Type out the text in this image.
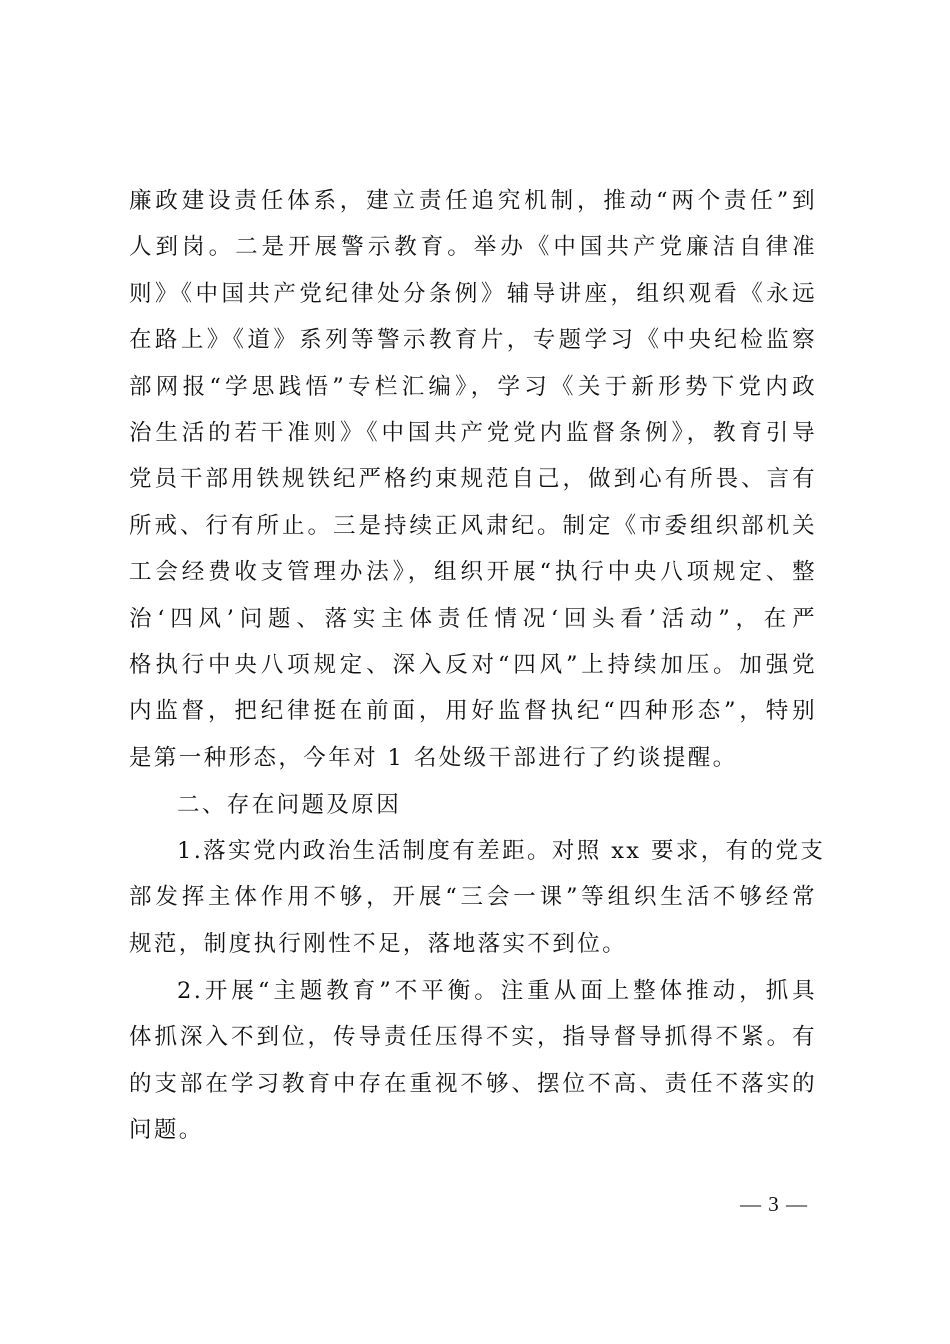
廉政建设责任体系，建立责任追究机制，推动“两个责任”到
人到岗。二是开展警示教育。举办《中国共产党廉洁自律准
则》《中国共产党纪律处分条例》辅导讲座，组织观看《永远
在路上》《道》系列等警示教育片，专题学习《中央纪检监察
部网报“学思践悟”专栏汇编》，学习《关于新形势下党内政
治生活的若干准则》《中国共产党党内监督条例》，教育引导
党员干部用铁规铁纪严格约束规范自己，做到心有所畏、言有
所戒、行有所止。三是持续正风肃纪。制定《市委组织部机关
工会经费收支管理办法》，组织开展“执行中央八项规定、整
治‘四风’问题、落实主体责任情况‘回头看’活动”，在严
格执行中央八项规定、深入反对“四风”上持续加压。加强党
内监督，把纪律挺在前面，用好监督执纪“四种形态”，特别
是第一种形态，今年对 1 名处级干部进行了约谈提醒。
二、存在问题及原因
1.落实党内政治生活制度有差距。对照 xx 要求，有的党支
部发挥主体作用不够，开展“三会一课”等组织生活不够经常
规范，制度执行刚性不足，落地落实不到位。
2.开展“主题教育”不平衡。注重从面上整体推动，抓具
体抓深入不到位，传导责任压得不实，指导督导抓得不紧。有
的支部在学习教育中存在重视不够、摆位不高、责任不落实的
问题。
— 3 —
